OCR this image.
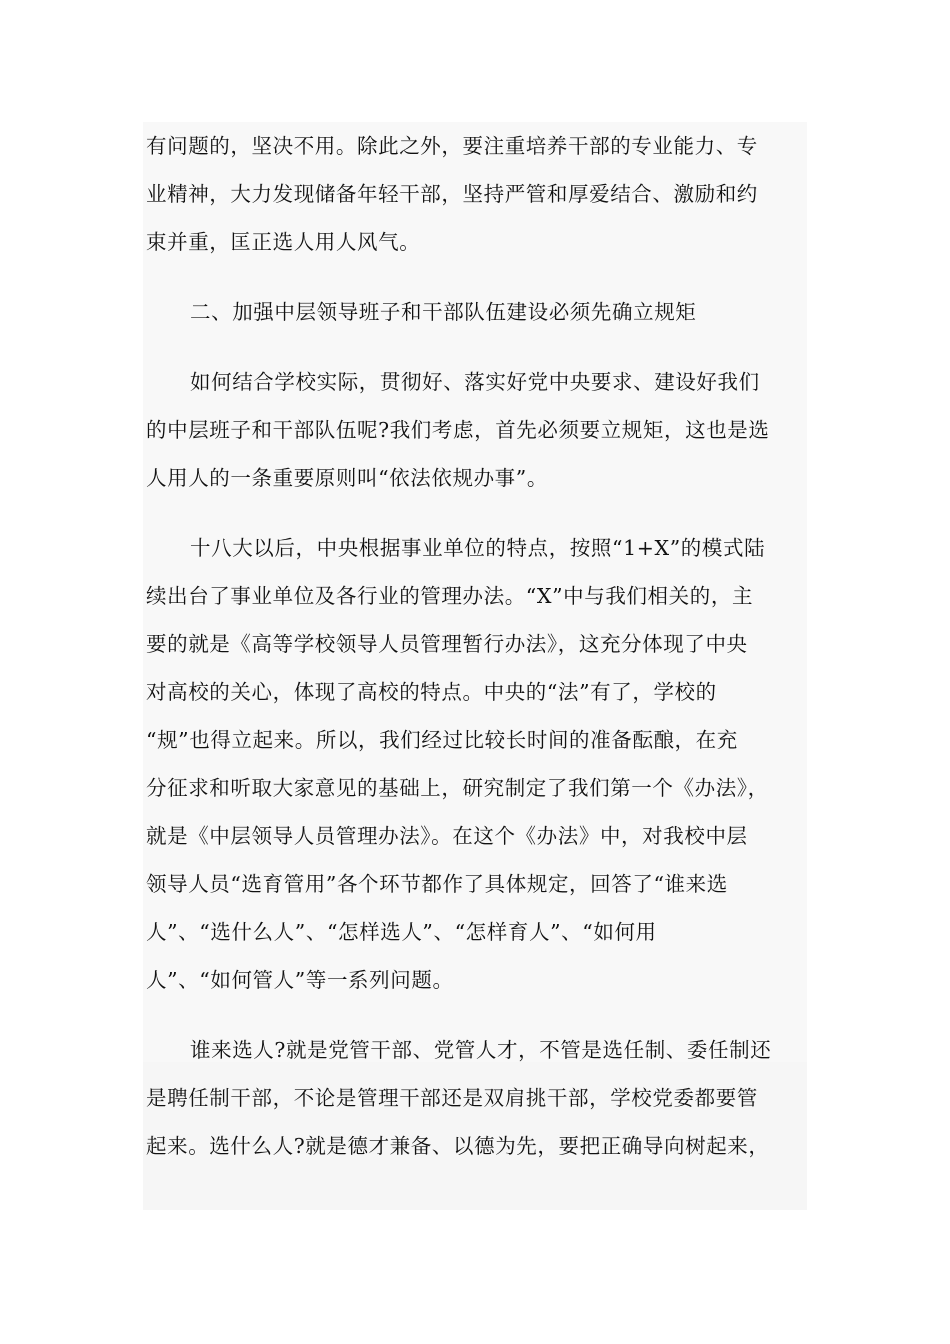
有问题的，坚决不用。除此之外，要注重培养干部的专业能力、专
业精神，大力发现储备年轻干部，坚持严管和厚爱结合、激励和约
束并重，匡正选人用人风气。
二、加强中层领导班子和干部队伍建设必须先确立规矩
如何结合学校实际，贯彻好、落实好党中央要求、建设好我们
的中层班子和干部队伍呢?我们考虑，首先必须要立规矩，这也是选
人用人的一条重要原则叫“依法依规办事”。
十八大以后，中央根据事业单位的特点，按照“1+X”的模式陆
续出台了事业单位及各行业的管理办法。“X”中与我们相关的，主
要的就是《高等学校领导人员管理暂行办法》，这充分体现了中央
对高校的关心，体现了高校的特点。中央的“法”有了，学校的
“规”也得立起来。所以，我们经过比较长时间的准备酝酿，在充
分征求和听取大家意见的基础上，研究制定了我们第一个《办法》，
就是《中层领导人员管理办法》。在这个《办法》中，对我校中层
领导人员“选育管用”各个环节都作了具体规定，回答了“谁来选
人”、“选什么人”、“怎样选人”、“怎样育人”、“如何用
人”、“如何管人”等一系列问题。
谁来选人?就是党管干部、党管人才，不管是选任制、委任制还
是聘任制干部，不论是管理干部还是双肩挑干部，学校党委都要管
起来。选什么人?就是德才兼备、以德为先，要把正确导向树起来，
